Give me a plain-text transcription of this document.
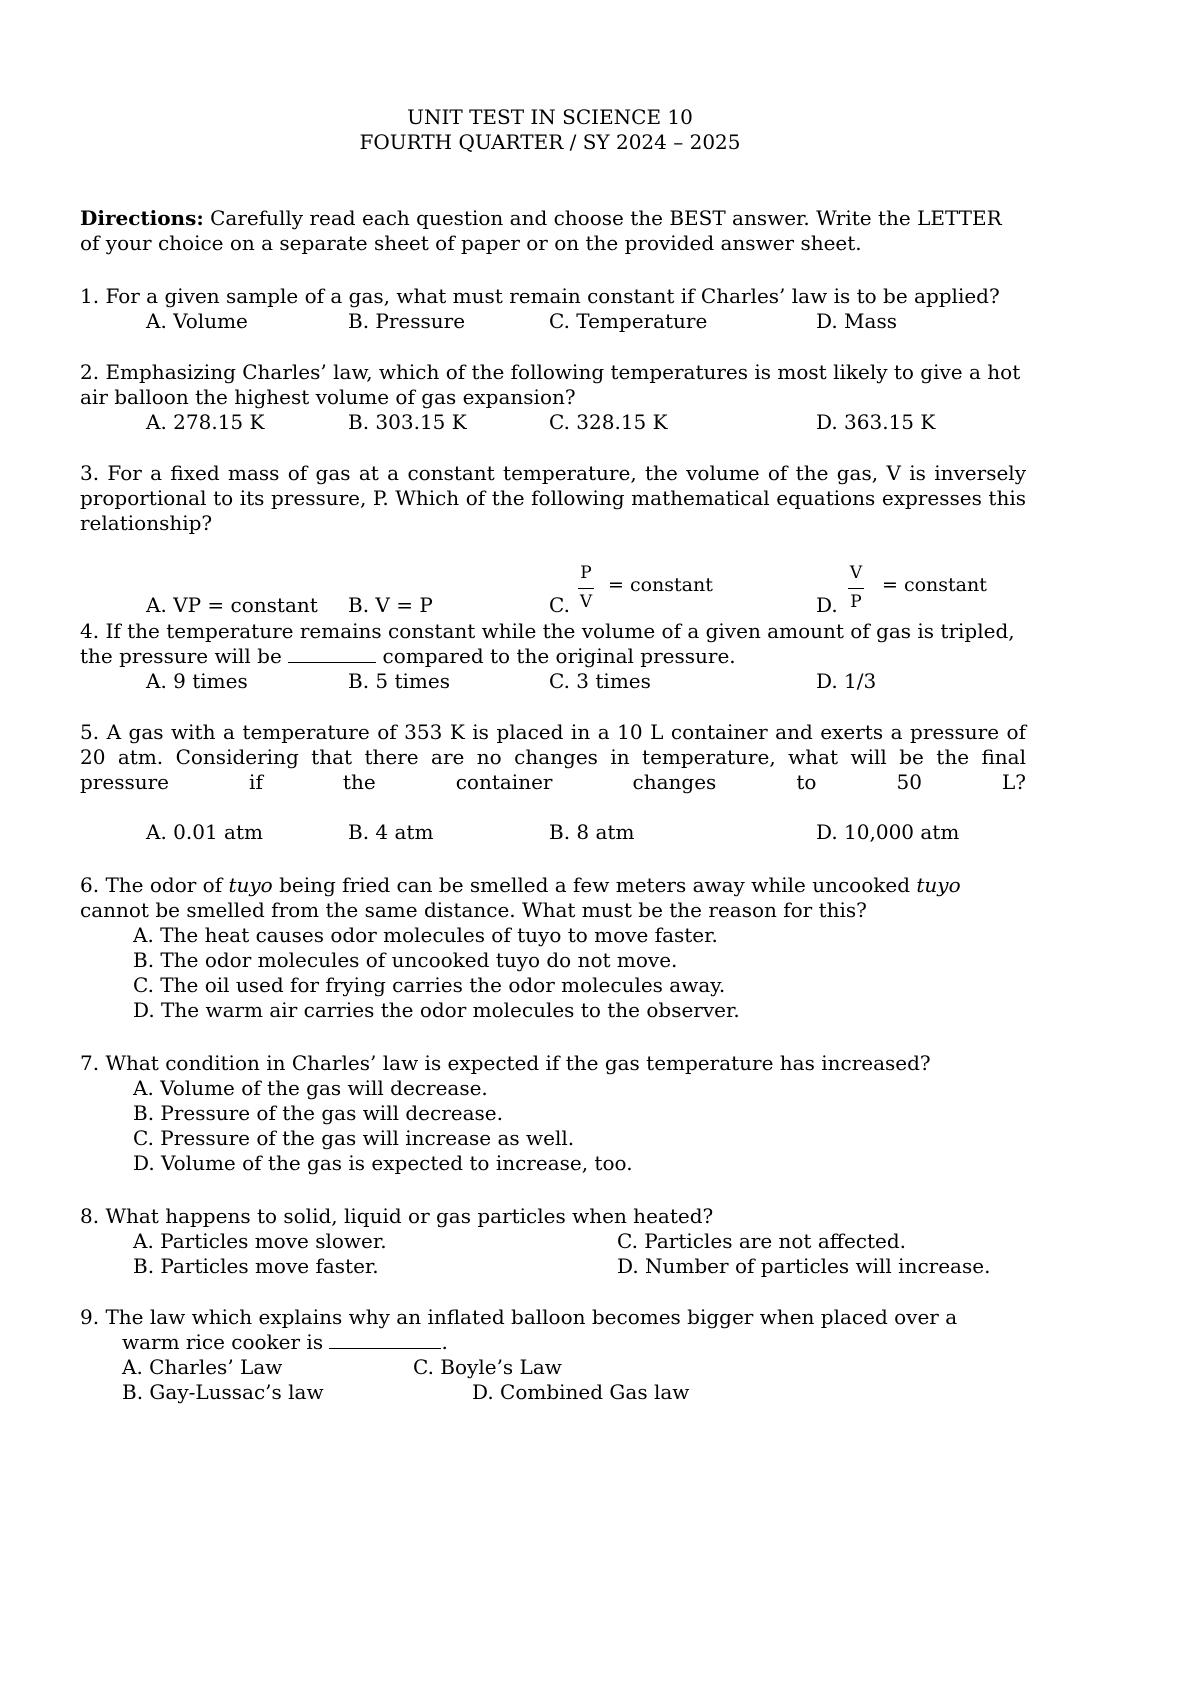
UNIT TEST IN SCIENCE 10
FOURTH QUARTER / SY 2024 – 2025
Directions: Carefully read each question and choose the BEST answer. Write the LETTER of your choice on a separate sheet of paper or on the provided answer sheet.
1. For a given sample of a gas, what must remain constant if Charles’ law is to be applied?
A. Volume	B. Pressure	C. Temperature	D. Mass
2. Emphasizing Charles’ law, which of the following temperatures is most likely to give a hot air balloon the highest volume of gas expansion?
A. 278.15 K	B. 303.15 K	C. 328.15 K	D. 363.15 K
3. For a fixed mass of gas at a constant temperature, the volume of the gas, V is inversely proportional to its pressure, P. Which of the following mathematical equations expresses this relationship?
A. VP = constant B. V = P	C.
P
V
= constant
D.
V
P
= constant
4. If the temperature remains constant while the volume of a given amount of gas is tripled, the pressure will be	compared to the original pressure.
A. 9 times	B. 5 times	C. 3 times	D. 1/3
5. A gas with a temperature of 353 K is placed in a 10 L container and exerts a pressure of 20 atm. Considering that there are no changes in temperature, what will be the final pressure if the container changes to 50 L?
A. 0.01 atm	B. 4 atm	B. 8 atm	D. 10,000 atm
6. The odor of tuyo being fried can be smelled a few meters away while uncooked tuyo cannot be smelled from the same distance. What must be the reason for this?
A. The heat causes odor molecules of tuyo to move faster.
B. The odor molecules of uncooked tuyo do not move.
C. The oil used for frying carries the odor molecules away.
D. The warm air carries the odor molecules to the observer.
7. What condition in Charles’ law is expected if the gas temperature has increased?
A. Volume of the gas will decrease.
B. Pressure of the gas will decrease.
C. Pressure of the gas will increase as well.
D. Volume of the gas is expected to increase, too.
8. What happens to solid, liquid or gas particles when heated?
A. Particles move slower.	C. Particles are not affected.
B. Particles move faster.	D. Number of particles will increase.
9. The law which explains why an inflated balloon becomes bigger when placed over a
warm rice cooker is	.
A. Charles’ Law	C. Boyle’s Law
B. Gay-Lussac’s law	D. Combined Gas law
